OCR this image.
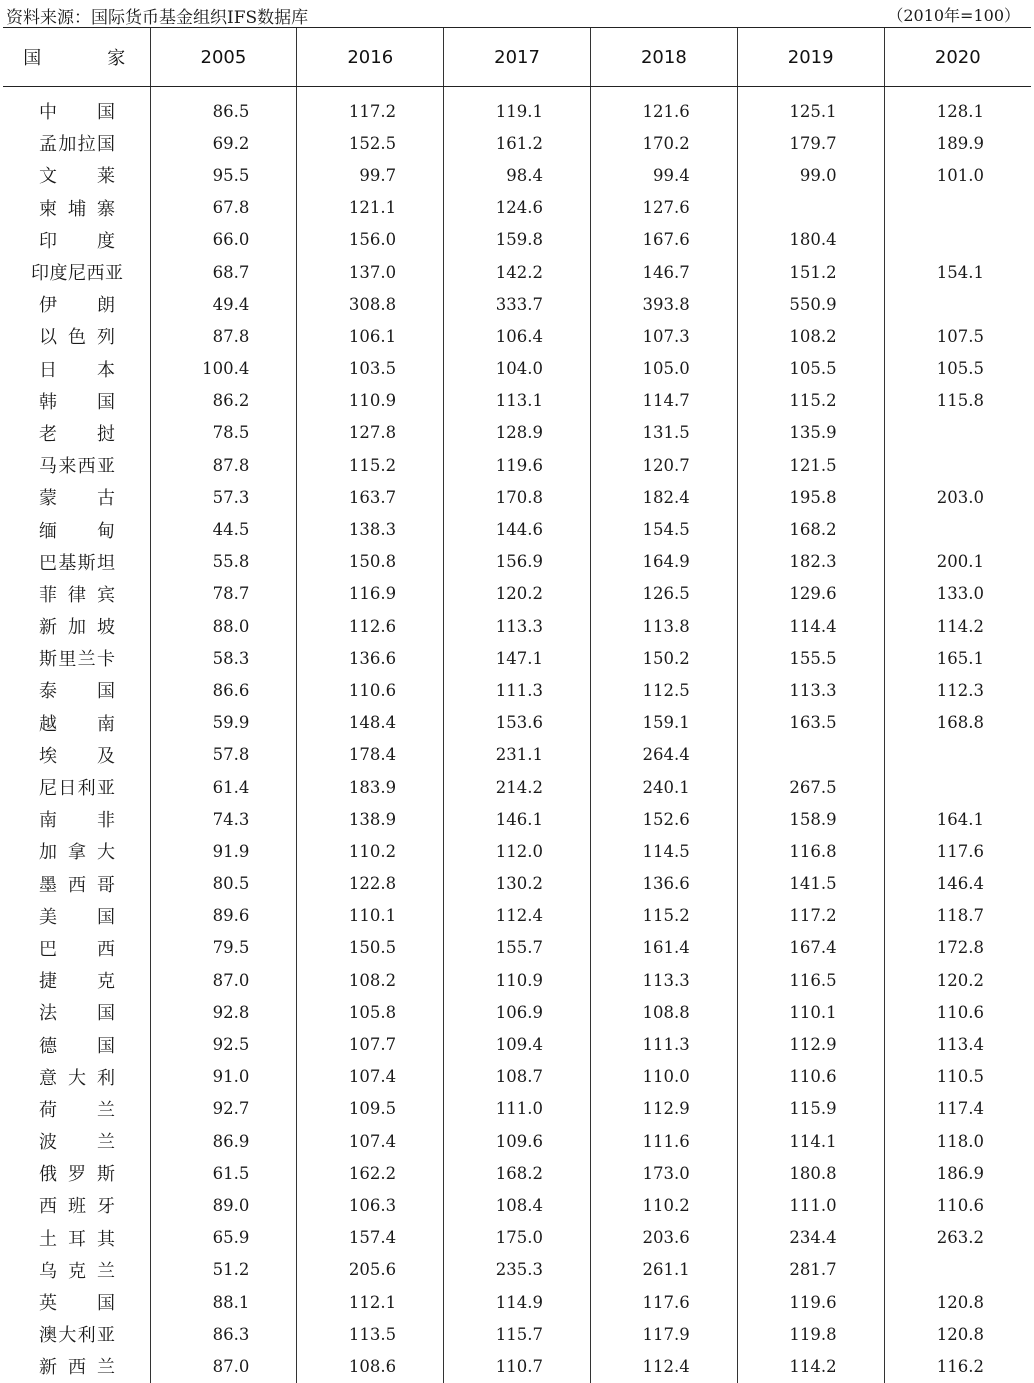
资料来源：国际货币基金组织IFS数据库	（2010年=100）
国　家	2005	2016	2017	2018	2019	2020

中国	86.5	117.2	119.1	121.6	125.1	128.1

孟加拉国	69.2	152.5	161.2	170.2	179.7	189.9

文莱	95.5	99.7	98.4	99.4	99.0	101.0

柬埔寨	67.8	121.1	124.6	127.6		

印度	66.0	156.0	159.8	167.6	180.4	

印度尼西亚	68.7	137.0	142.2	146.7	151.2	154.1

伊朗	49.4	308.8	333.7	393.8	550.9	

以色列	87.8	106.1	106.4	107.3	108.2	107.5

日本	100.4	103.5	104.0	105.0	105.5	105.5

韩国	86.2	110.9	113.1	114.7	115.2	115.8

老挝	78.5	127.8	128.9	131.5	135.9	

马来西亚	87.8	115.2	119.6	120.7	121.5	

蒙古	57.3	163.7	170.8	182.4	195.8	203.0

缅甸	44.5	138.3	144.6	154.5	168.2	

巴基斯坦	55.8	150.8	156.9	164.9	182.3	200.1

菲律宾	78.7	116.9	120.2	126.5	129.6	133.0

新加坡	88.0	112.6	113.3	113.8	114.4	114.2

斯里兰卡	58.3	136.6	147.1	150.2	155.5	165.1

泰国	86.6	110.6	111.3	112.5	113.3	112.3

越南	59.9	148.4	153.6	159.1	163.5	168.8

埃及	57.8	178.4	231.1	264.4		

尼日利亚	61.4	183.9	214.2	240.1	267.5	

南非	74.3	138.9	146.1	152.6	158.9	164.1

加拿大	91.9	110.2	112.0	114.5	116.8	117.6

墨西哥	80.5	122.8	130.2	136.6	141.5	146.4

美国	89.6	110.1	112.4	115.2	117.2	118.7

巴西	79.5	150.5	155.7	161.4	167.4	172.8

捷克	87.0	108.2	110.9	113.3	116.5	120.2

法国	92.8	105.8	106.9	108.8	110.1	110.6

德国	92.5	107.7	109.4	111.3	112.9	113.4

意大利	91.0	107.4	108.7	110.0	110.6	110.5

荷兰	92.7	109.5	111.0	112.9	115.9	117.4

波兰	86.9	107.4	109.6	111.6	114.1	118.0

俄罗斯	61.5	162.2	168.2	173.0	180.8	186.9

西班牙	89.0	106.3	108.4	110.2	111.0	110.6

土耳其	65.9	157.4	175.0	203.6	234.4	263.2

乌克兰	51.2	205.6	235.3	261.1	281.7	

英国	88.1	112.1	114.9	117.6	119.6	120.8

澳大利亚	86.3	113.5	115.7	117.9	119.8	120.8

新西兰	87.0	108.6	110.7	112.4	114.2	116.2
